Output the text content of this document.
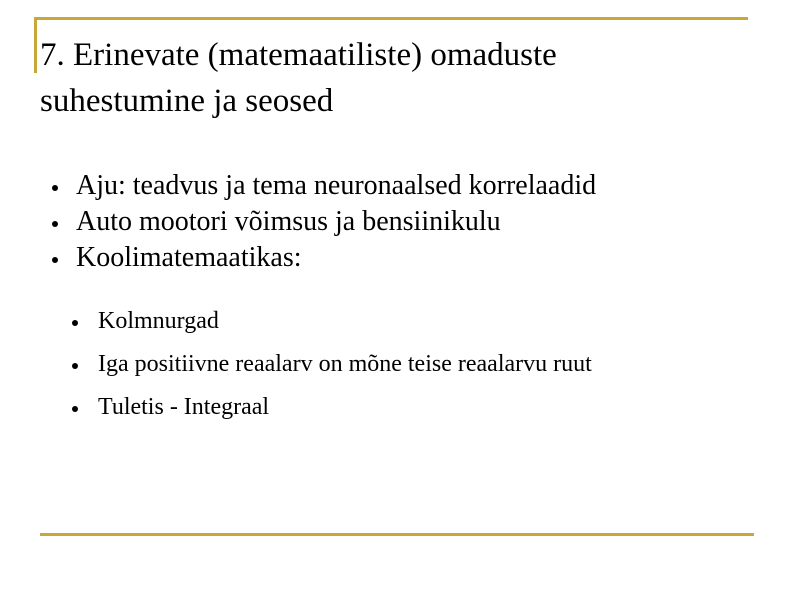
7. Erinevate (matemaatiliste) omaduste
suhestumine ja seosed
Aju: teadvus ja tema neuronaalsed korrelaadid
Auto mootori võimsus ja bensiinikulu
Koolimatemaatikas:
Kolmnurgad
Iga positiivne reaalarv on mõne teise reaalarvu ruut
Tuletis - Integraal
